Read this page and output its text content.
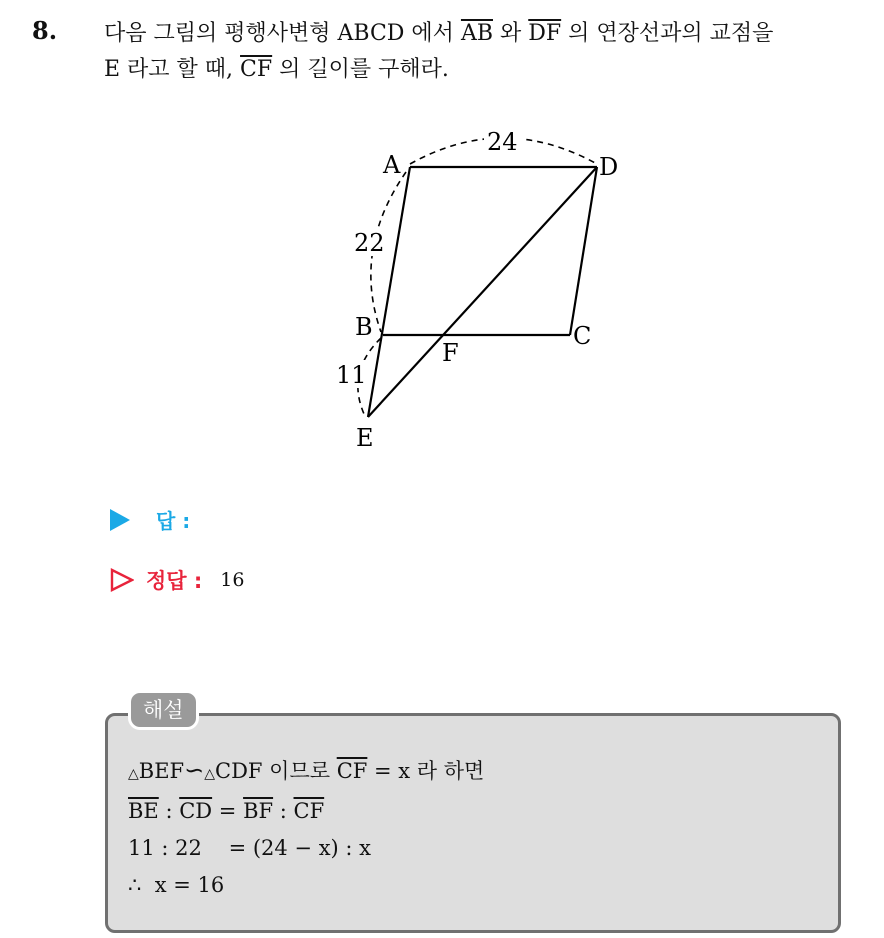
8. 다음 그림의 평행사변형 ABCD 에서 $\overline{AB}$ 와 $\overline{DF}$ 의 연장선과의 교점을
E 라고 할 때, $\overline{CF}$ 의 길이를 구해라.
A	D
B	C
F
E
24
22
11
답 :
정답 : 16
해설
△BEF∽△CDF 이므로 $\overline{CF} = x$ 라 하면
$\overline{BE}$ : $\overline{CD} = \overline{BF}$ : $\overline{CF}$
11 : 22    = (24 − x) : x
∴  x = 16
